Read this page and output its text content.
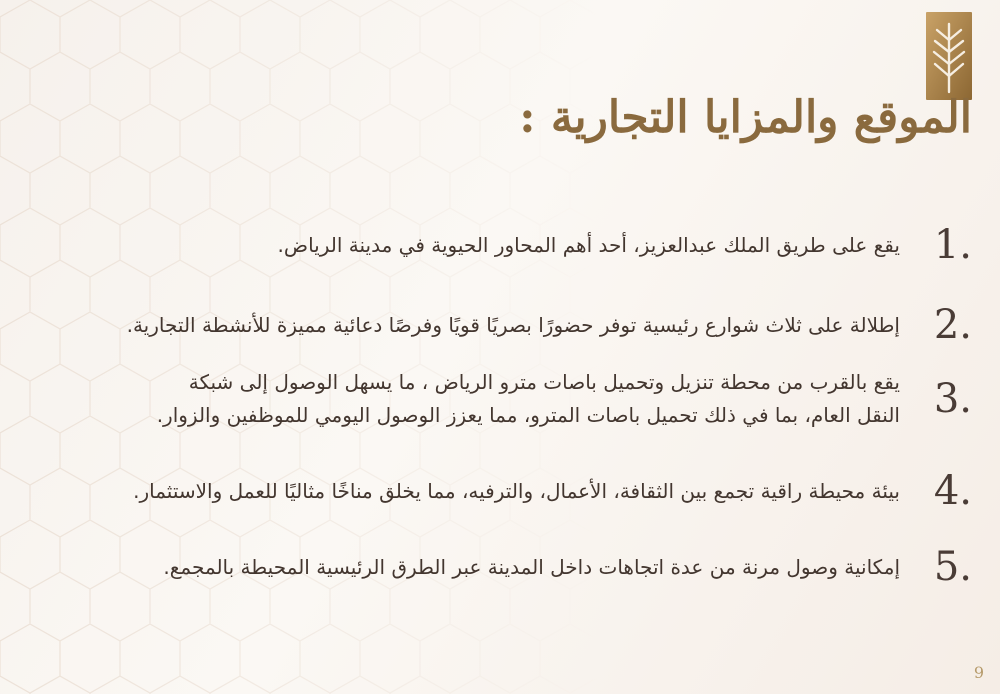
الموقع والمزايا التجارية :
1.
يقع على طريق الملك عبدالعزيز، أحد أهم المحاور الحيوية في مدينة الرياض.
2.
إطلالة على ثلاث شوارع رئيسية توفر حضورًا بصريًا قويًا وفرصًا دعائية مميزة للأنشطة التجارية.
3.
يقع بالقرب من محطة تنزيل وتحميل باصات مترو الرياض ، ما يسهل الوصول إلى شبكة
النقل العام، بما في ذلك تحميل باصات المترو، مما يعزز الوصول اليومي للموظفين والزوار.
4.
بيئة محيطة راقية تجمع بين الثقافة، الأعمال، والترفيه، مما يخلق مناخًا مثاليًا للعمل والاستثمار.
5.
إمكانية وصول مرنة من عدة اتجاهات داخل المدينة عبر الطرق الرئيسية المحيطة بالمجمع.
9
